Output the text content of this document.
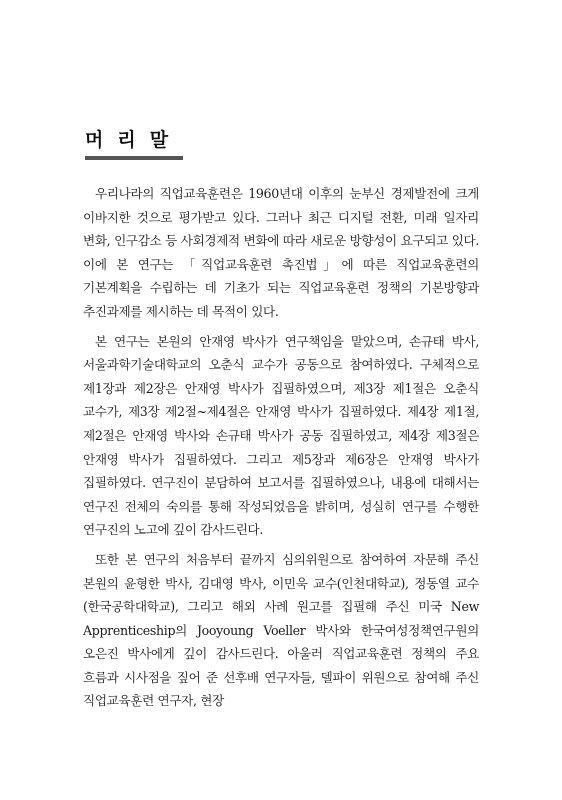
머리말

우리나라의 직업교육훈련은 1960년대 이후의 눈부신 경제발전에 크게 이바지한 것으로 평가받고 있다. 그러나 최근 디지털 전환, 미래 일자리 변화, 인구감소 등 사회경제적 변화에 따라 새로운 방향성이 요구되고 있다. 이에 본 연구는 「직업교육훈련 촉진법」에 따른 직업교육훈련의 기본계획을 수립하는 데 기초가 되는 직업교육훈련 정책의 기본방향과 추진과제를 제시하는 데 목적이 있다.

본 연구는 본원의 안재영 박사가 연구책임을 맡았으며, 손규태 박사, 서울과학기술대학교의 오춘식 교수가 공동으로 참여하였다. 구체적으로 제1장과 제2장은 안재영 박사가 집필하였으며, 제3장 제1절은 오춘식 교수가, 제3장 제2절~제4절은 안재영 박사가 집필하였다. 제4장 제1절, 제2절은 안재영 박사와 손규태 박사가 공동 집필하였고, 제4장 제3절은 안재영 박사가 집필하였다. 그리고 제5장과 제6장은 안재영 박사가 집필하였다. 연구진이 분담하여 보고서를 집필하였으나, 내용에 대해서는 연구진 전체의 숙의를 통해 작성되었음을 밝히며, 성실히 연구를 수행한 연구진의 노고에 깊이 감사드린다.

또한 본 연구의 처음부터 끝까지 심의위원으로 참여하여 자문해 주신 본원의 윤형한 박사, 김대영 박사, 이민욱 교수(인천대학교), 정동열 교수(한국공학대학교), 그리고 해외 사례 원고를 집필해 주신 미국 New Apprenticeship의 Jooyoung Voeller 박사와 한국여성정책연구원의 오은진 박사에게 깊이 감사드린다. 아울러 직업교육훈련 정책의 주요 흐름과 시사점을 짚어 준 선후배 연구자들, 델파이 위원으로 참여해 주신 직업교육훈련 연구자, 현장
